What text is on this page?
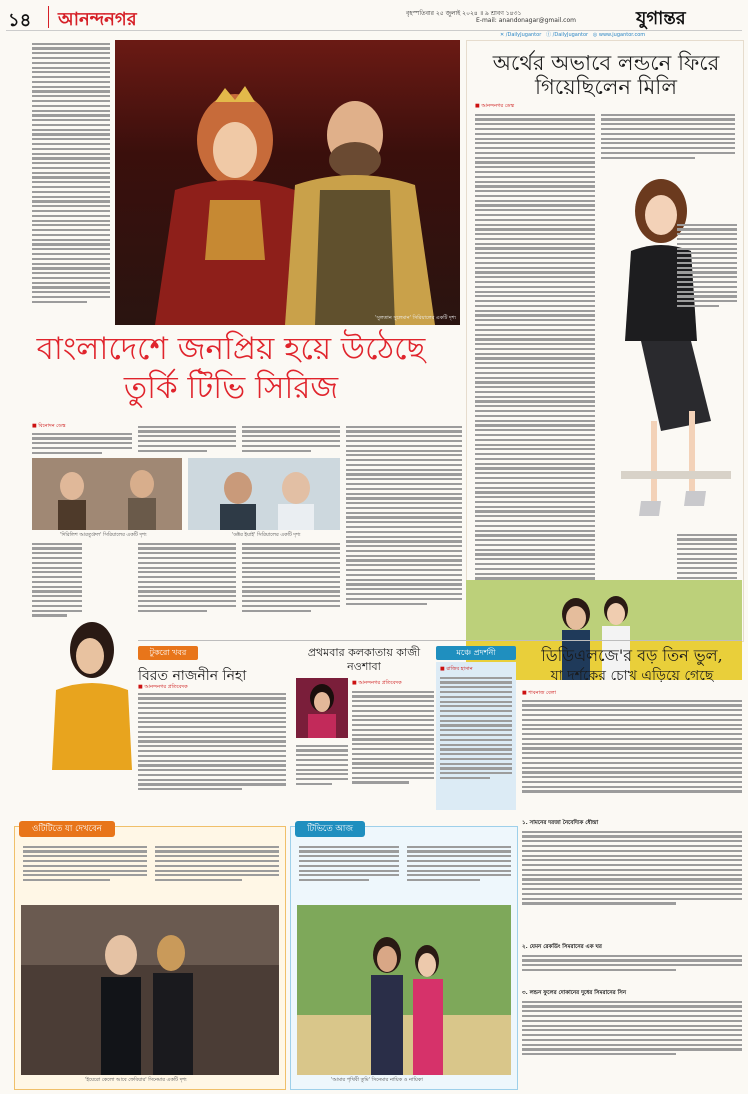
১৪ আনন্দনগর	বৃহস্পতিবার ২৫ জুলাই ২০২৪ ॥ ৯ শ্রাবণ ১৪৩১
E-mail: anandonagar@gmail.com	যুগান্তর
✕ /DailyJugantor ⓕ /DailyJugantor ◎ www.jugantor.com
'সুলতান সুলেমান' সিরিয়ালের একটি দৃশ্য
অর্থের অভাবে লন্ডনে ফিরে
গিয়েছিলেন মিলি
■ আনন্দনগর ডেস্ক
বাংলাদেশে জনপ্রিয় হয়ে উঠেছে
তুর্কি টিভি সিরিজ
■ বিনোদন ডেস্ক
'দিরিলিশ আরতুগ্রুল' সিরিয়ালের একটি দৃশ্য	'ডক্টর ইয়াই' সিরিয়ালের একটি দৃশ্য
টুকরো খবর
বিরত নাজনীন নিহা
■ আনন্দনগর প্রতিবেদক
প্রথমবার কলকাতায় কাজী নওশাবা
■ আনন্দনগর প্রতিবেদক
মঞ্চে প্রদর্শনী
■ রাজিব হাসান
ডিডিএলজে'র বড় তিন ভুল,
যা দর্শকের চোখ এড়িয়ে গেছে
■ শাবনাজ বেলা
১. সামনের দরজা নৈবেদ্যিক ধৌন্দ্রা
২. যেমন রেকর্ডিং সিমরানের এক ঘর
৩. লন্ডন ফুলের দোকানের দুধের সিমরানের সিন
ওটিটিতে যা দেখবেন
'ইয়েরো কেলো আবে ফেবিয়ার' সিনেমার একটি দৃশ্য
টিভিতে আজ
'আমার পৃথিবী তুমি' সিনেমার নায়িক ও নায়িকা
